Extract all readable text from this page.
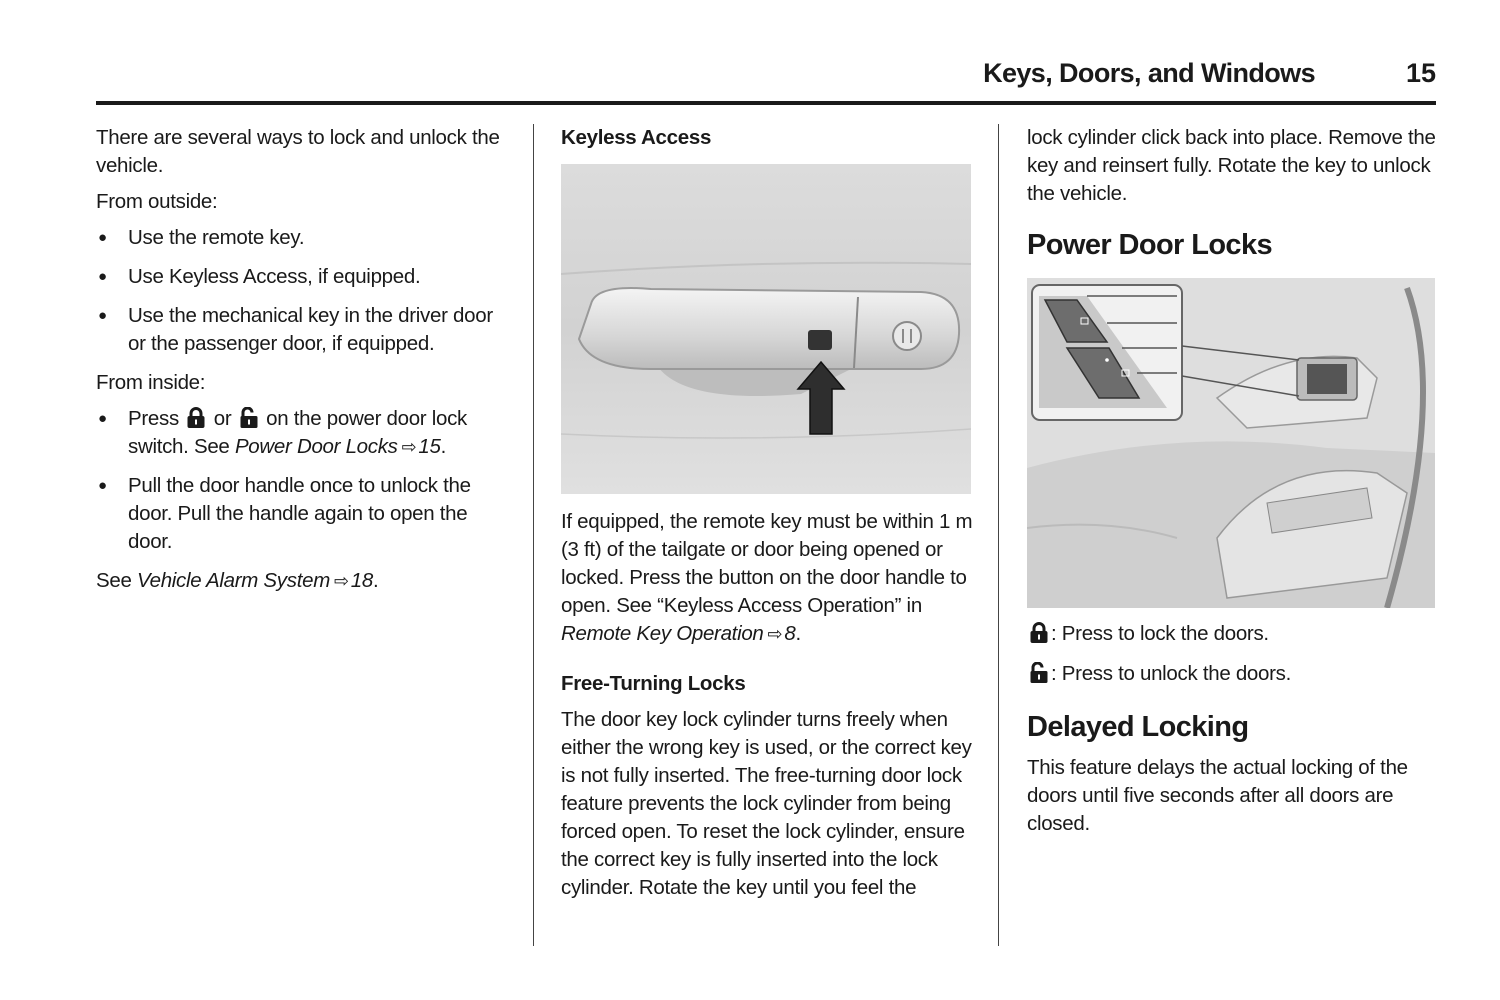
Keys, Doors, and Windows	15

There are several ways to lock and unlock the vehicle.

From outside:

● Use the remote key.
● Use Keyless Access, if equipped.
● Use the mechanical key in the driver door or the passenger door, if equipped.

From inside:

● Press or on the power door lock switch. See Power Door Locks ⇨15.
● Pull the door handle once to unlock the door. Pull the handle again to open the door.

See Vehicle Alarm System ⇨18.

Keyless Access

If equipped, the remote key must be within 1 m (3 ft) of the tailgate or door being opened or locked. Press the button on the door handle to open. See “Keyless Access Operation” in Remote Key Operation ⇨8.

Free-Turning Locks

The door key lock cylinder turns freely when either the wrong key is used, or the correct key is not fully inserted. The free-turning door lock feature prevents the lock cylinder from being forced open. To reset the lock cylinder, ensure the correct key is fully inserted into the lock cylinder. Rotate the key until you feel the

lock cylinder click back into place. Remove the key and reinsert fully. Rotate the key to unlock the vehicle.

Power Door Locks

: Press to lock the doors.

: Press to unlock the doors.

Delayed Locking

This feature delays the actual locking of the doors until five seconds after all doors are closed.
